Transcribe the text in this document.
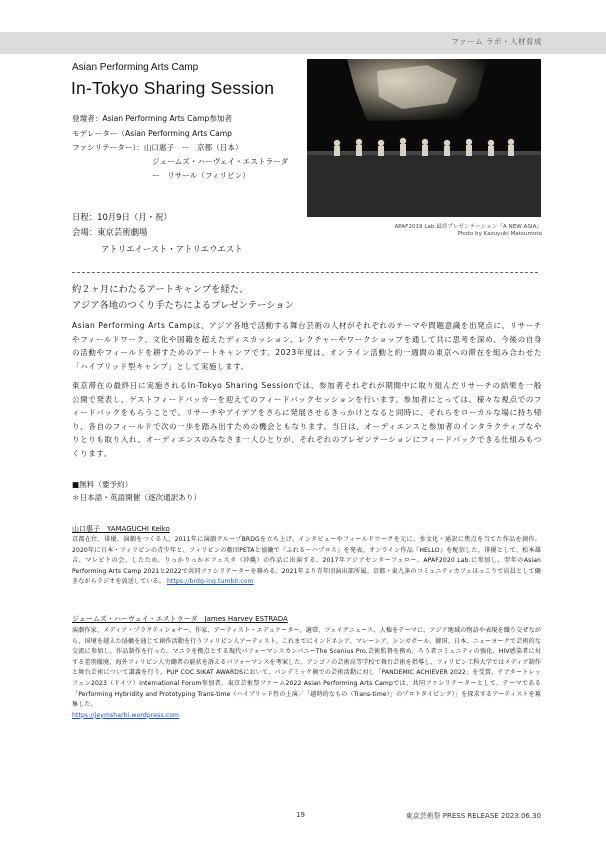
ファーム ラボ・人材育成
Asian Performing Arts Camp
In-Tokyo Sharing Session
登壇者：Asian Performing Arts Camp参加者
モデレーター（Asian Performing Arts Camp
ファシリテーター）：山口惠子　ー　京都（日本）
ジェームズ・ハーヴェイ・エストラーダ　ー　リサール（フィリピン）
日程：10月9日（月・祝）
会場：東京芸術劇場
アトリエイースト・アトリエウエスト
APAF2019 Lab.最終プレゼンテーション『A NEW ASIA』
Photo by Kazuyuki Matsumoto
約２ヶ月にわたるアートキャンプを経た、
アジア各地のつくり手たちによるプレゼンテーション
Asian Performing Arts Campは、アジア各地で活動する舞台芸術の人材がそれぞれのテーマや問題意識を出発点に、リサーチやフィールドワーク、文化や国籍を超えたディスカッション、レクチャーやワークショップを通して共に思考を深め、今後の自身の活動やフィールドを耕すためのアートキャンプです。2023年度は、オンライン活動と約一週間の東京への滞在を組み合わせた「ハイブリッド型キャンプ」として実施します。
東京滞在の最終日に実施されるIn-Tokyo Sharing Sessionでは、参加者それぞれが期間中に取り組んだリサーチの結果を一般公開で発表し、ゲストフィードバッカーを迎えてのフィードバックセッションを行います。参加者にとっては、様々な視点でのフィードバックをもらうことで、リサーチやアイデアをさらに発展させるきっかけとなると同時に、それらをローカルな場に持ち帰り、各自のフィールドで次の一歩を踏み出すための機会ともなります。当日は、オーディエンスと参加者のインタラクティブなやりとりも取り入れ、オーディエンスのみなさま一人ひとりが、それぞれのプレゼンテーションにフィードバックできる仕組みもつくります。
■無料（要予約）
＊日本語・英語開催（逐次通訳あり）
山口惠子　YAMAGUCHI Keiko
京都在住、俳優、演劇をつくる人。2011年に演劇グループBRDGを立ち上げ、インタビューやフィールドワークを元に、多文化・通訳に焦点を当てた作品を創作。2020年に日本・フィリピンの青少年と、フィリピンの劇団PETAと協働で『ふれる〜ハプロス』を発表、オンライン作品『HELLO』を配信した。俳優として、松本雄吉、マレビトの会、したため、りっかりっか＊フェスタ（沖縄）の作品に出演する。2017年アジアセンターフェロー。APAF2020 Lab.に参加し、翌年のAsian Performing Arts Camp 2021と2022で共同ファシリテーターを務める。2021年より青年団演出部所属。京都・東九条のコミュニティカフェほっこりで店員として働きながらラジオを放送している。 https://brdg-ing.tumblr.com
ジェームズ・ハーヴェイ・エストラーダ　James Harvey ESTRADA
演劇作家、メディア・プラクティショナー、作家、アーティスト・エデュケーター。適帯、フェイクニュース、人権をテーマに、アジア地域の物語や表現を織り交ぜながら、国境を越えた協働を通じて創作活動を行うフィリピン人アーティスト。これまでにインドネシア、マレーシア、シンガポール、韓国、日本、ニューヨークで芸術的な交流に参加し、作品制作を行った。マニラを拠点とする現代パフォーマンスカンパニーThe Scenius Pro.芸術監督を務め、ろう者コミュニティの強化、HIV感染者に対する差別撤廃、海外フィリピン人労働者の窮状を訴えるパフォーマンスを考案した。アンゴノの芸術高等学校で舞台芸術を指導し、フィリピン工科大学ではメディア制作と舞台芸術について講義を行う。PUP COC SIKAT AWARDSにおいて、パンデミック禍での芸術活動に対し「PANDEMIC ACHIEVER 2022」を受賞。テアタートレッフェン2023（ドイツ）International Forum参加者。東京芸術祭ファーム2022 Asian Performing Arts Campでは、共同ファシリテーターとして、テーマである「Performing Hybridity and Prototyping Trans-time（ハイブリッド性の上演／「越時的なもの（Trans-time）」のプロトタイピング）」を探求するアーティストを募集した。
https://jeymsharbi.wordpress.com
19	東京芸術祭 PRESS RELEASE 2023.06.30
